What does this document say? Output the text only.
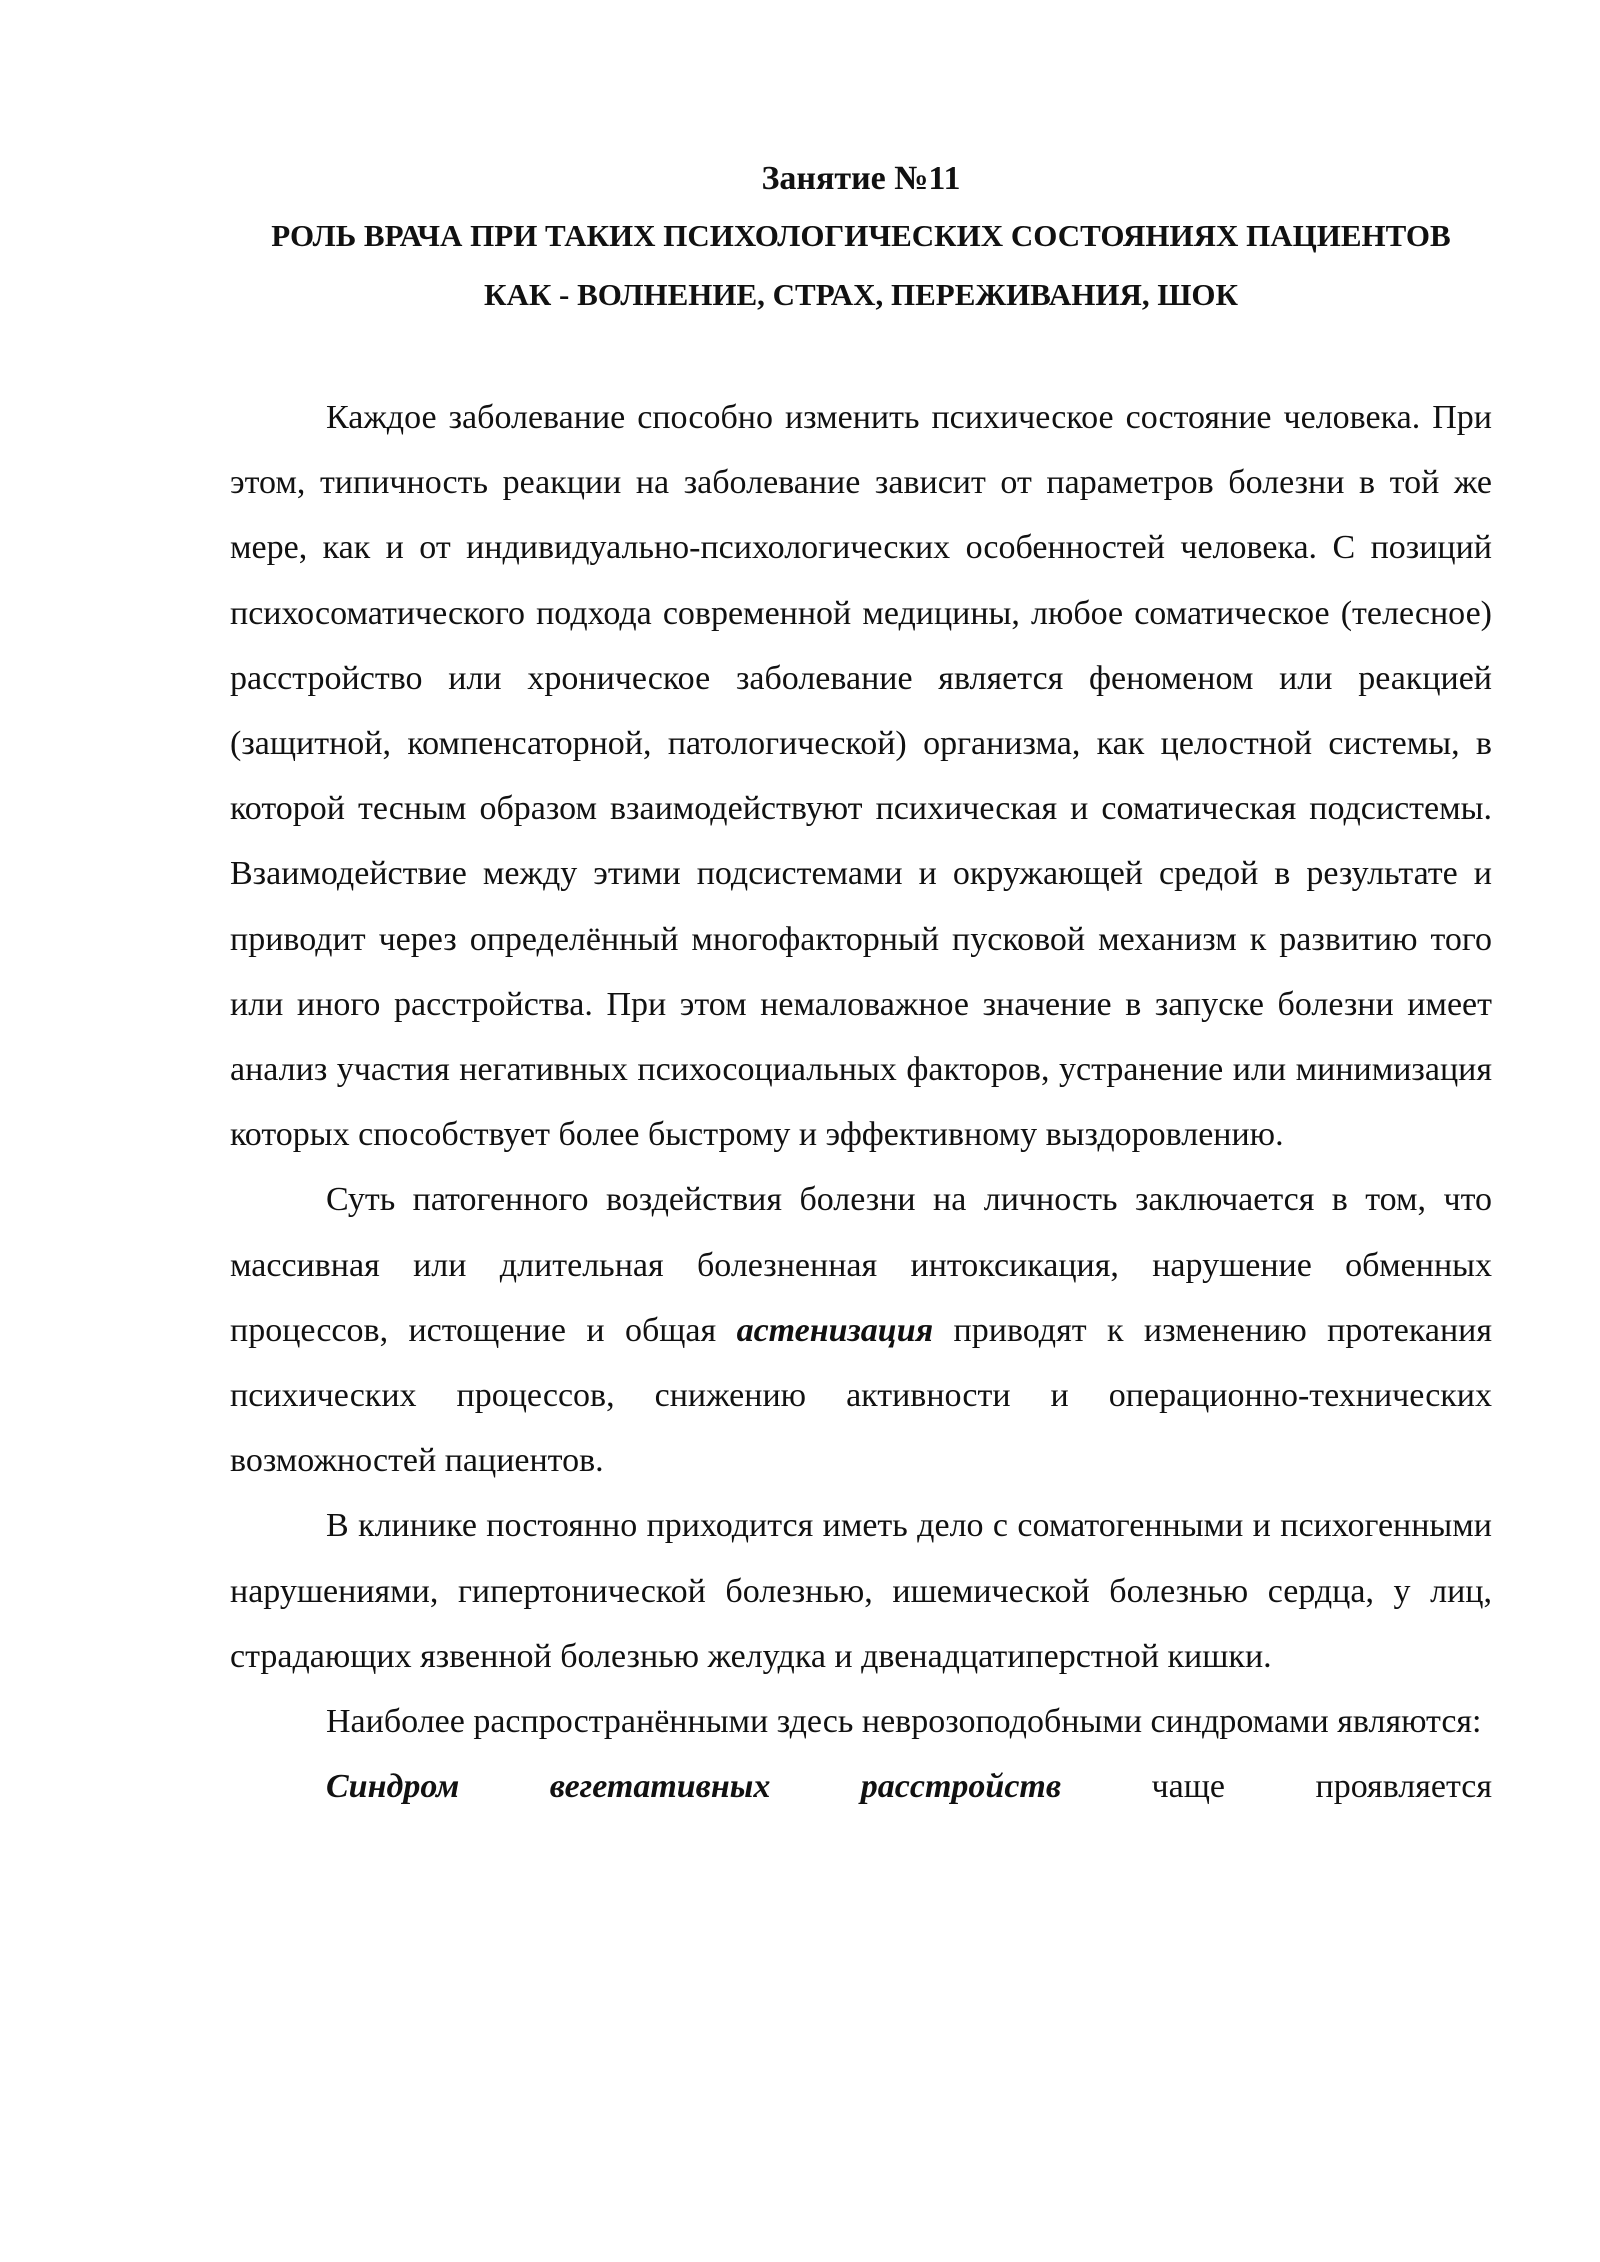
Занятие №11

РОЛЬ ВРАЧА ПРИ ТАКИХ ПСИХОЛОГИЧЕСКИХ СОСТОЯНИЯХ ПАЦИЕНТОВ

КАК - ВОЛНЕНИЕ, СТРАХ, ПЕРЕЖИВАНИЯ, ШОК

Каждое заболевание способно изменить психическое состояние человека. При этом, типичность реакции на заболевание зависит от параметров болезни в той же мере, как и от индивидуально-психологических особенностей человека. С позиций психосоматического подхода современной медицины, любое соматическое (телесное) расстройство или хроническое заболевание является феноменом или реакцией (защитной, компенсаторной, патологической) организма, как целостной системы, в которой тесным образом взаимодействуют психическая и соматическая подсистемы. Взаимодействие между этими подсистемами и окружающей средой в результате и приводит через определённый многофакторный пусковой механизм к развитию того или иного расстройства. При этом немаловажное значение в запуске болезни имеет анализ участия негативных психосоциальных факторов, устранение или минимизация которых способствует более быстрому и эффективному выздоровлению.

Суть патогенного воздействия болезни на личность заключается в том, что массивная или длительная болезненная интоксикация, нарушение обменных процессов, истощение и общая астенизация приводят к изменению протекания психических процессов, снижению активности и операционно-технических возможностей пациентов.

В клинике постоянно приходится иметь дело с соматогенными и психогенными нарушениями, гипертонической болезнью, ишемической болезнью сердца, у лиц, страдающих язвенной болезнью желудка и двенадцатиперстной кишки.

Наиболее распространёнными здесь неврозоподобными синдромами являются:

Синдром вегетативных расстройств чаще проявляется
